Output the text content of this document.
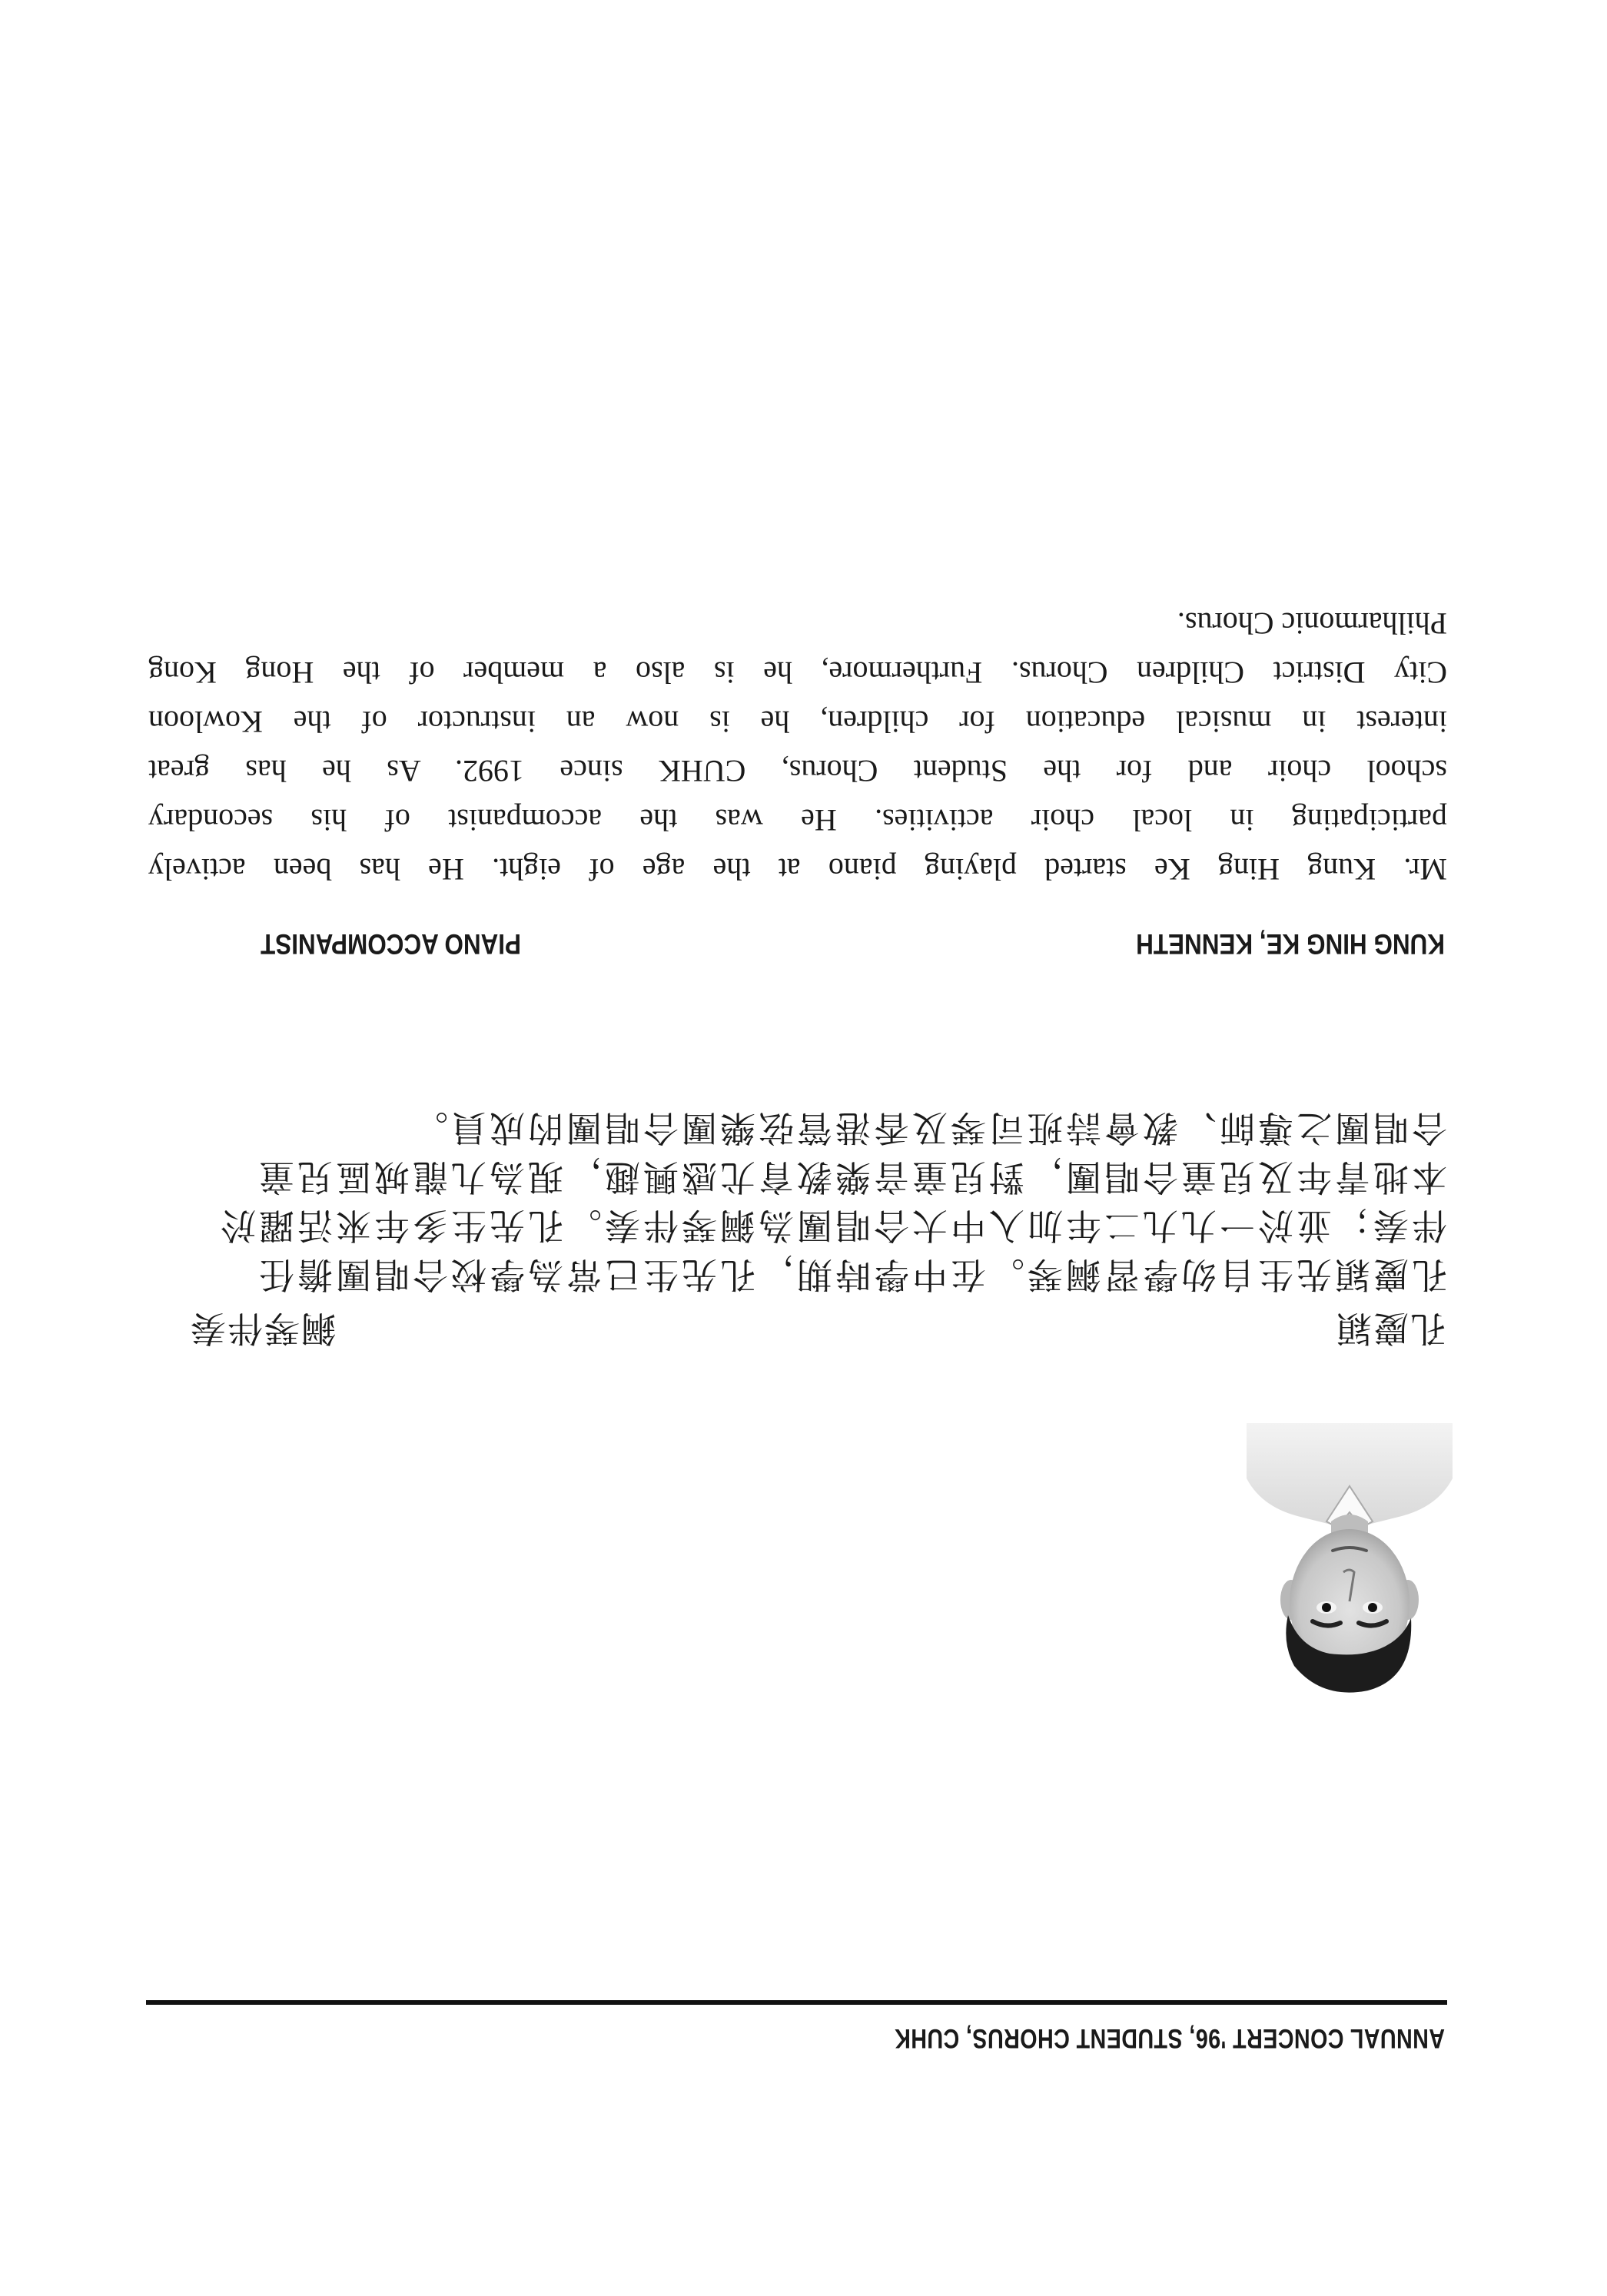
ANNUAL CONCERT '96, STUDENT CHORUS, CUHK
孔慶穎
鋼琴伴奏
孔慶穎先生自幼學習鋼琴。在中學時期，孔先生已常為學校合唱團擔任
伴奏；並於一九九二年加入中大合唱團為鋼琴伴奏。孔先生多年來活躍於
本地青年及兒童合唱團，對兒童音樂教育尤感興趣，現為九龍城區兒童
合唱團之導師、教會詩班司琴及香港管弦樂團合唱團的成員。
KUNG HING KE, KENNETH
PIANO ACCOMPANIST
Mr. Kung Hing Ke started playing piano at the age of eight. He has been actively
participating in local choir activities. He was the accompanist of his secondary
school choir and for the Student Chorus, CUHK since 1992. As he has great
interest in musical education for children, he is now an instructor of the Kowloon
City District Children Chorus. Furthermore, he is also a member of the Hong Kong
Philharmonic Chorus.
